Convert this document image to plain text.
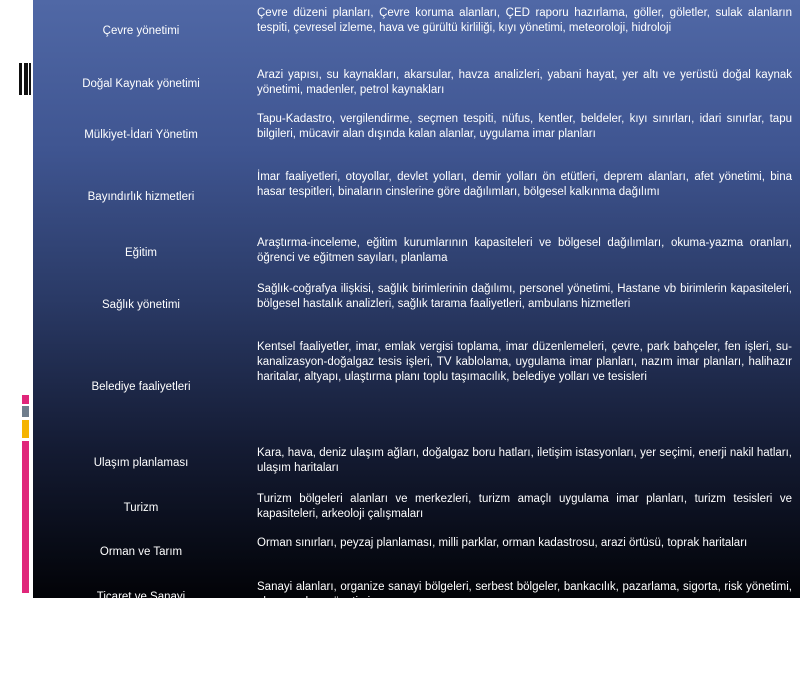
Çevre yönetimi	Çevre düzeni planları, Çevre koruma alanları, ÇED raporu hazırlama, göller, göletler, sulak alanların tespiti, çevresel izleme, hava ve gürültü kirliliği, kıyı yönetimi, meteoroloji, hidroloji
Doğal Kaynak yönetimi	Arazi yapısı, su kaynakları, akarsular, havza analizleri, yabani hayat, yer altı ve yerüstü doğal kaynak yönetimi, madenler, petrol kaynakları
Mülkiyet-İdari Yönetim	Tapu-Kadastro, vergilendirme, seçmen tespiti, nüfus, kentler, beldeler, kıyı sınırları, idari sınırlar, tapu bilgileri, mücavir alan dışında kalan alanlar, uygulama imar planları
Bayındırlık hizmetleri	İmar faaliyetleri, otoyollar, devlet yolları, demir yolları ön etütleri, deprem alanları, afet yönetimi, bina hasar tespitleri, binaların cinslerine göre dağılımları, bölgesel kalkınma dağılımı
Eğitim	Araştırma-inceleme, eğitim kurumlarının kapasiteleri ve bölgesel dağılımları, okuma-yazma oranları, öğrenci ve eğitmen sayıları, planlama
Sağlık yönetimi	Sağlık-coğrafya ilişkisi, sağlık birimlerinin dağılımı, personel yönetimi, Hastane vb birimlerin kapasiteleri, bölgesel hastalık analizleri, sağlık tarama faaliyetleri, ambulans hizmetleri
Belediye faaliyetleri	Kentsel faaliyetler, imar, emlak vergisi toplama, imar düzenlemeleri, çevre, park bahçeler, fen işleri, su-kanalizasyon-doğalgaz tesis işleri, TV kablolama, uygulama imar planları, nazım imar planları, halihazır haritalar, altyapı, ulaştırma planı toplu taşımacılık, belediye yolları ve tesisleri
Ulaşım planlaması	Kara, hava, deniz ulaşım ağları, doğalgaz boru hatları, iletişim istasyonları, yer seçimi, enerji nakil hatları, ulaşım haritaları
Turizm	Turizm bölgeleri alanları ve merkezleri, turizm amaçlı uygulama imar planları, turizm tesisleri ve kapasiteleri, arkeoloji çalışmaları
Orman ve Tarım	Orman sınırları, peyzaj planlaması, milli parklar, orman kadastrosu, arazi örtüsü, toprak haritaları
Ticaret ve Sanayi	Sanayi alanları, organize sanayi bölgeleri, serbest bölgeler, bankacılık, pazarlama, sigorta, risk yönetimi, abone, adres yönetimi
Savunma, Güvenlik	Askeri tesisler, tatbikat ve atış alanları, yasak bölgeler, sivil savunma, emniyet, suç analizleri, olay haritaları, acil servis, trafik düzenleme, sınır güvenliği
